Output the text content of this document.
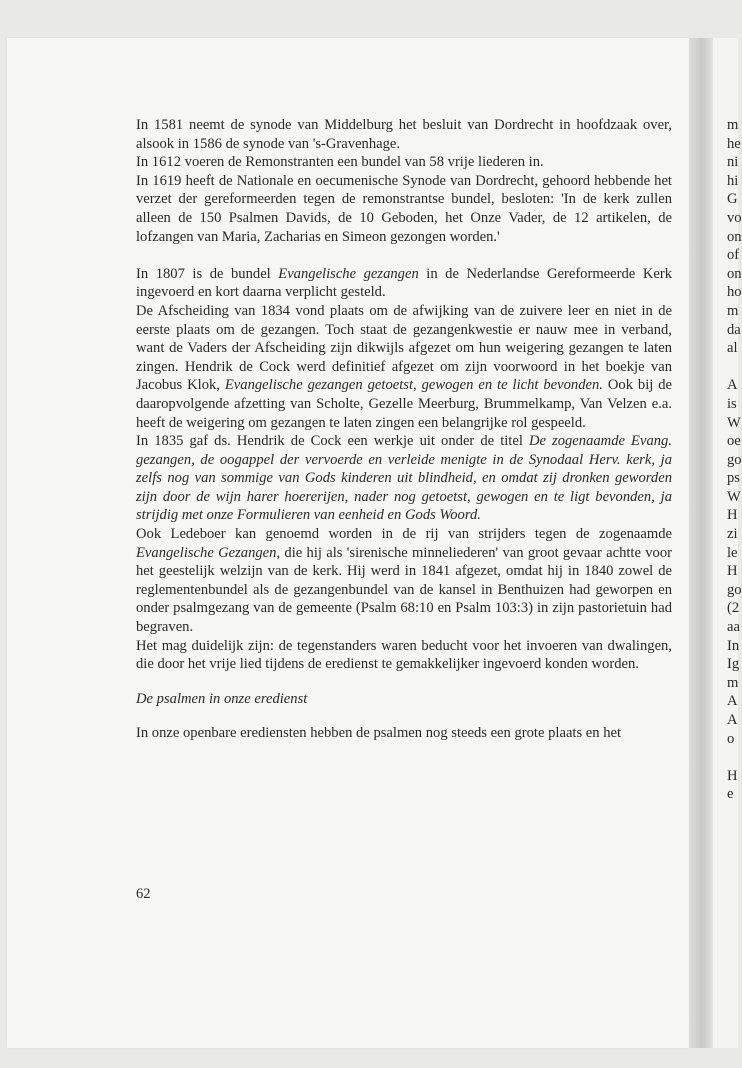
In 1581 neemt de synode van Middelburg het besluit van Dordrecht in hoofdzaak over, alsook in 1586 de synode van 's-Gravenhage.

In 1612 voeren de Remonstranten een bundel van 58 vrije liederen in.

In 1619 heeft de Nationale en oecumenische Synode van Dordrecht, gehoord hebbende het verzet der gereformeerden tegen de remonstrantse bundel, besloten: 'In de kerk zullen alleen de 150 Psalmen Davids, de 10 Geboden, het Onze Vader, de 12 artikelen, de lofzangen van Maria, Zacharias en Simeon gezongen worden.'

In 1807 is de bundel Evangelische gezangen in de Nederlandse Gereformeerde Kerk ingevoerd en kort daarna verplicht gesteld.

De Afscheiding van 1834 vond plaats om de afwijking van de zuivere leer en niet in de eerste plaats om de gezangen. Toch staat de gezangenkwestie er nauw mee in verband, want de Vaders der Afscheiding zijn dikwijls afgezet om hun weigering gezangen te laten zingen. Hendrik de Cock werd definitief afgezet om zijn voorwoord in het boekje van Jacobus Klok, Evangelische gezangen getoetst, gewogen en te licht bevonden. Ook bij de daaropvolgende afzetting van Scholte, Gezelle Meerburg, Brummelkamp, Van Velzen e.a. heeft de weigering om gezangen te laten zingen een belangrijke rol gespeeld.

In 1835 gaf ds. Hendrik de Cock een werkje uit onder de titel De zogenaamde Evang. gezangen, de oogappel der vervoerde en verleide menigte in de Synodaal Herv. kerk, ja zelfs nog van sommige van Gods kinderen uit blindheid, en omdat zij dronken geworden zijn door de wijn harer hoererijen, nader nog getoetst, gewogen en te ligt bevonden, ja strijdig met onze Formulieren van eenheid en Gods Woord.

Ook Ledeboer kan genoemd worden in de rij van strijders tegen de zogenaamde Evangelische Gezangen, die hij als 'sirenische minneliederen' van groot gevaar achtte voor het geestelijk welzijn van de kerk. Hij werd in 1841 afgezet, omdat hij in 1840 zowel de reglementenbundel als de gezangenbundel van de kansel in Benthuizen had geworpen en onder psalmgezang van de gemeente (Psalm 68:10 en Psalm 103:3) in zijn pastorietuin had begraven.

Het mag duidelijk zijn: de tegenstanders waren beducht voor het invoeren van dwalingen, die door het vrije lied tijdens de eredienst te gemakkelijker ingevoerd konden worden.

De psalmen in onze eredienst

In onze openbare erediensten hebben de psalmen nog steeds een grote plaats en het

62
m
he
ni
hi
G
vo
on
of
on
ho
m
da
al

A
is
W
oe
go
ps
W
H
zi
le
H
go
(2
aa
In
Ig
m
A
A
o

H
e
